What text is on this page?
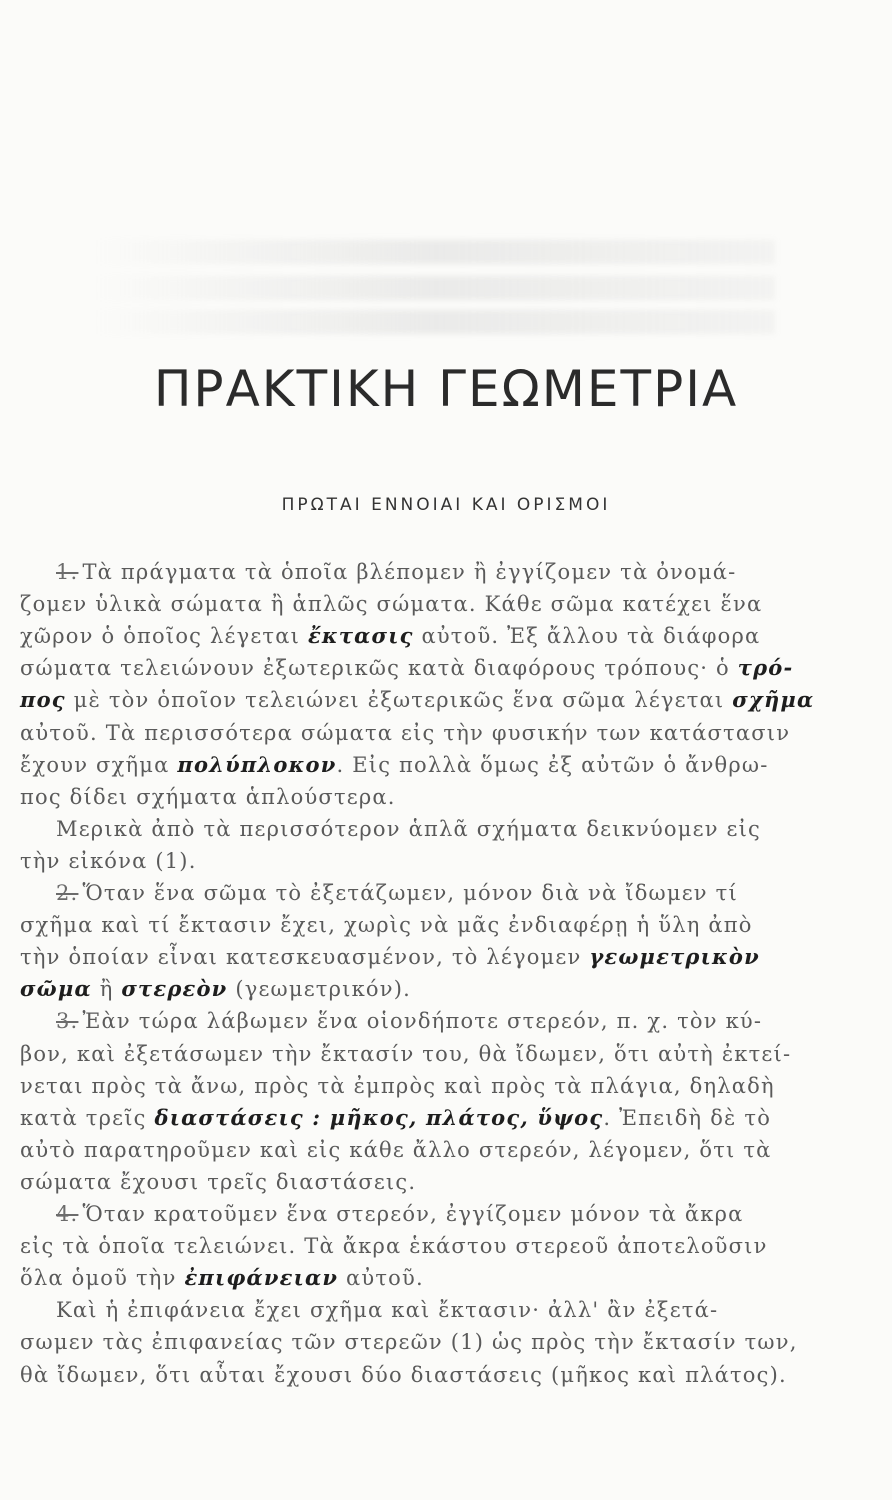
ΠΡΑΚΤΙΚΗ ΓΕΩΜΕΤΡΙΑ
ΠΡΩΤΑΙ ΕΝΝΟΙΑΙ ΚΑΙ ΟΡΙΣΜΟΙ
1. Τὰ πράγματα τὰ ὁποῖα βλέπομεν ἢ ἐγγίζομεν τὰ ὀνομά-
ζομεν ὑλικὰ σώματα ἢ ἁπλῶς σώματα. Κάθε σῶμα κατέχει ἕνα
χῶρον ὁ ὁποῖος λέγεται ἔκτασις αὐτοῦ. Ἐξ ἄλλου τὰ διάφορα
σώματα τελειώνουν ἐξωτερικῶς κατὰ διαφόρους τρόπους· ὁ τρό-
πος μὲ τὸν ὁποῖον τελειώνει ἐξωτερικῶς ἕνα σῶμα λέγεται σχῆμα
αὐτοῦ. Τὰ περισσότερα σώματα εἰς τὴν φυσικήν των κατάστασιν
ἔχουν σχῆμα πολύπλοκον. Εἰς πολλὰ ὅμως ἐξ αὐτῶν ὁ ἄνθρω-
πος δίδει σχήματα ἁπλούστερα.
Μερικὰ ἀπὸ τὰ περισσότερον ἁπλᾶ σχήματα δεικνύομεν εἰς
τὴν εἰκόνα (1).
2. Ὅταν ἕνα σῶμα τὸ ἐξετάζωμεν, μόνον διὰ νὰ ἴδωμεν τί
σχῆμα καὶ τί ἔκτασιν ἔχει, χωρὶς νὰ μᾶς ἐνδιαφέρῃ ἡ ὕλη ἀπὸ
τὴν ὁποίαν εἶναι κατεσκευασμένον, τὸ λέγομεν γεωμετρικὸν
σῶμα ἢ στερεὸν (γεωμετρικόν).
3. Ἐὰν τώρα λάβωμεν ἕνα οἱονδήποτε στερεόν, π. χ. τὸν κύ-
βον, καὶ ἐξετάσωμεν τὴν ἔκτασίν του, θὰ ἴδωμεν, ὅτι αὐτὴ ἐκτεί-
νεται πρὸς τὰ ἄνω, πρὸς τὰ ἐμπρὸς καὶ πρὸς τὰ πλάγια, δηλαδὴ
κατὰ τρεῖς διαστάσεις : μῆκος, πλάτος, ὕψος. Ἐπειδὴ δὲ τὸ
αὐτὸ παρατηροῦμεν καὶ εἰς κάθε ἄλλο στερεόν, λέγομεν, ὅτι τὰ
σώματα ἔχουσι τρεῖς διαστάσεις.
4. Ὅταν κρατοῦμεν ἕνα στερεόν, ἐγγίζομεν μόνον τὰ ἄκρα
εἰς τὰ ὁποῖα τελειώνει. Τὰ ἄκρα ἑκάστου στερεοῦ ἀποτελοῦσιν
ὅλα ὁμοῦ τὴν ἐπιφάνειαν αὐτοῦ.
Καὶ ἡ ἐπιφάνεια ἔχει σχῆμα καὶ ἔκτασιν· ἀλλ' ἂν ἐξετά-
σωμεν τὰς ἐπιφανείας τῶν στερεῶν (1) ὡς πρὸς τὴν ἔκτασίν των,
θὰ ἴδωμεν, ὅτι αὗται ἔχουσι δύο διαστάσεις (μῆκος καὶ πλάτος).
